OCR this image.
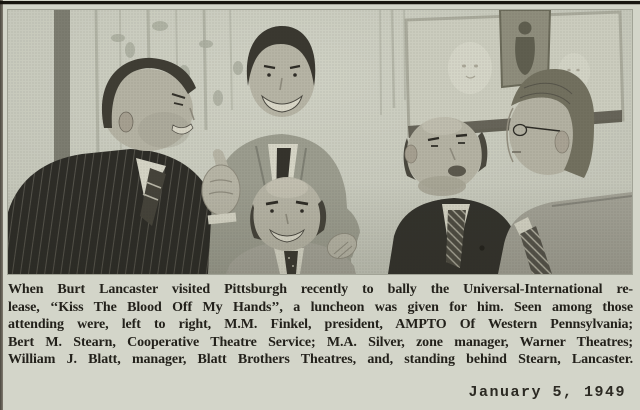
When Burt Lancaster visited Pittsburgh recently to bally the Universal-International re-
lease, ‘‘Kiss The Blood Off My Hands’’, a luncheon was given for him. Seen among those
attending were, left to right, M.M. Finkel, president, AMPTO Of Western Pennsylvania;
Bert M. Stearn, Cooperative Theatre Service; M.A. Silver, zone manager, Warner Theatres;
William J. Blatt, manager, Blatt Brothers Theatres, and, standing behind Stearn, Lancaster.
January 5, 1949
